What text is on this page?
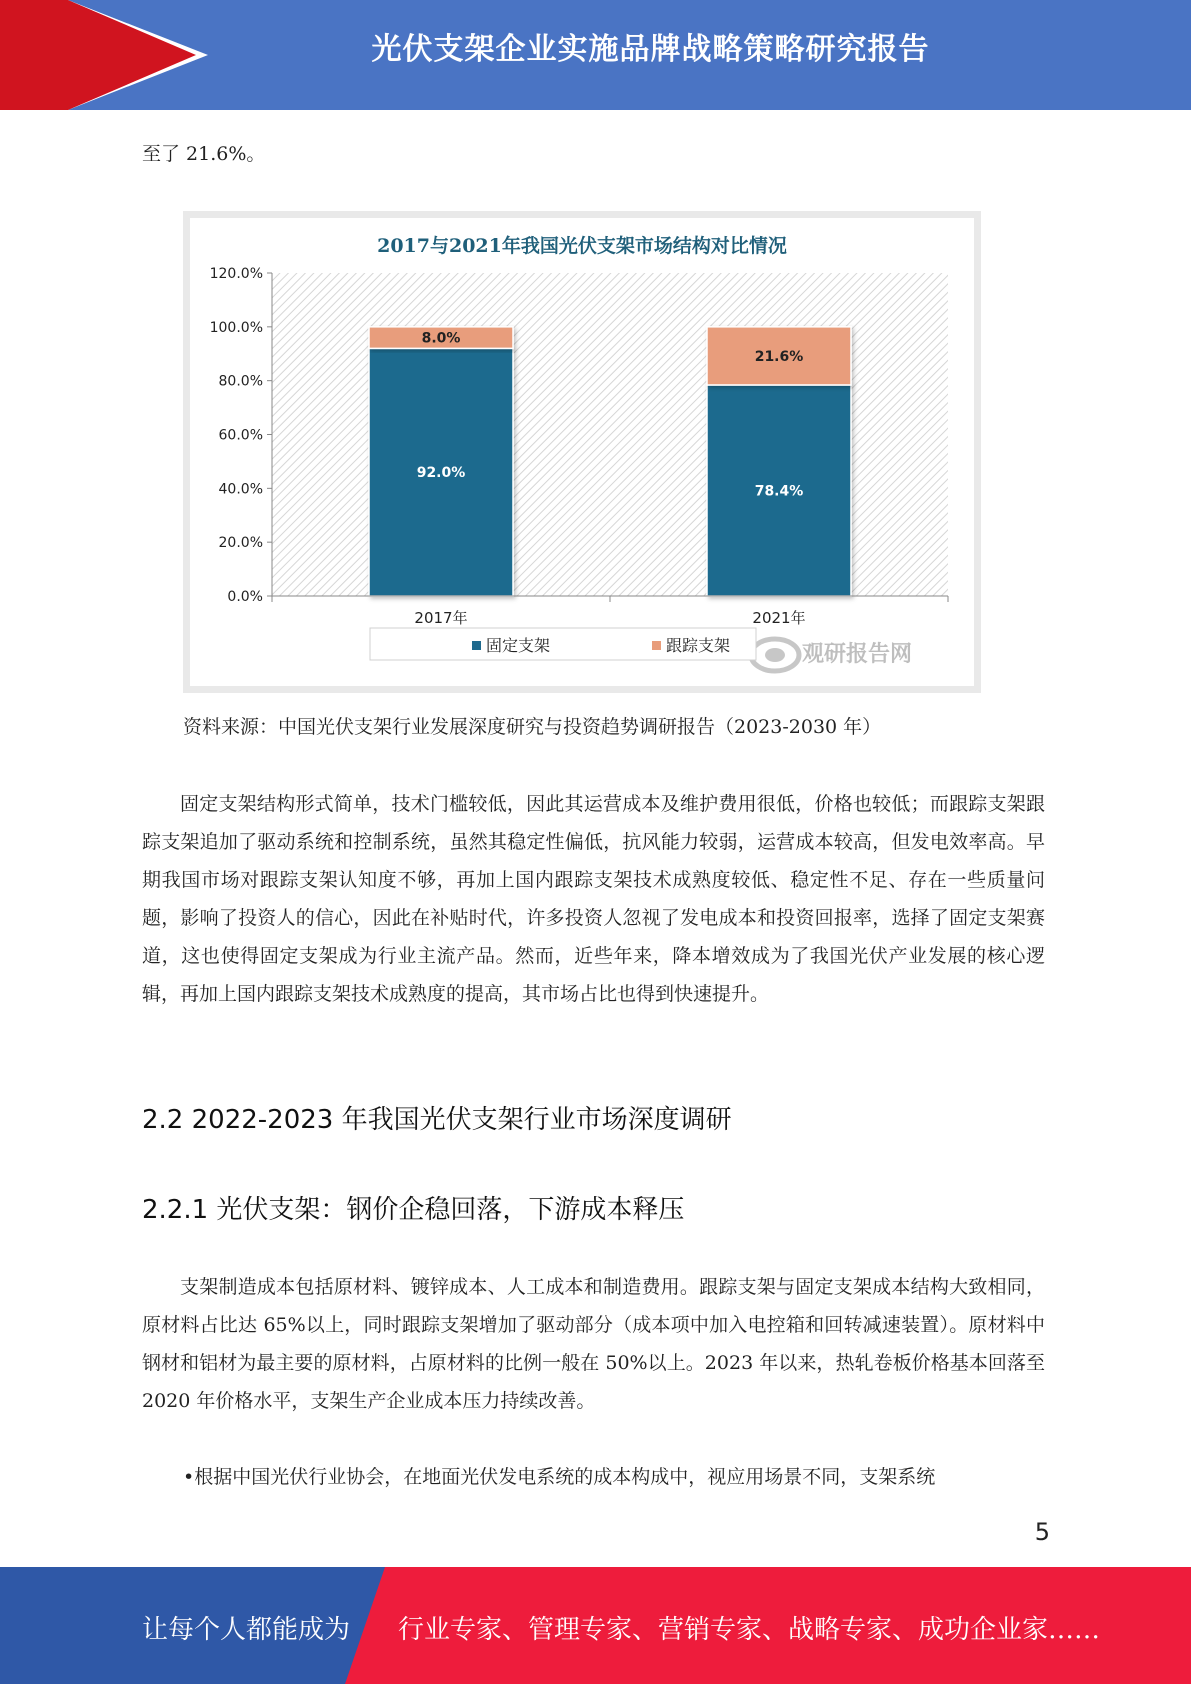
光伏支架企业实施品牌战略策略研究报告
至了 21.6%。
2017与2021年我国光伏支架市场结构对比情况
0.0%
20.0%
40.0%
60.0%
80.0%
100.0%
120.0%
92.0%
8.0%
78.4%
21.6%
2017年	2021年
观研报告网
固定支架	跟踪支架
资料来源：中国光伏支架行业发展深度研究与投资趋势调研报告（2023-2030 年）
固定支架结构形式简单，技术门槛较低，因此其运营成本及维护费用很低，价格也较低；而跟踪支架跟踪支架追加了驱动系统和控制系统，虽然其稳定性偏低，抗风能力较弱，运营成本较高，但发电效率高。早期我国市场对跟踪支架认知度不够，再加上国内跟踪支架技术成熟度较低、稳定性不足、存在一些质量问题，影响了投资人的信心，因此在补贴时代，许多投资人忽视了发电成本和投资回报率，选择了固定支架赛道，这也使得固定支架成为行业主流产品。然而，近些年来，降本增效成为了我国光伏产业发展的核心逻辑，再加上国内跟踪支架技术成熟度的提高，其市场占比也得到快速提升。
2.2 2022-2023 年我国光伏支架行业市场深度调研
2.2.1 光伏支架：钢价企稳回落，下游成本释压
支架制造成本包括原材料、镀锌成本、人工成本和制造费用。跟踪支架与固定支架成本结构大致相同，原材料占比达 65%以上，同时跟踪支架增加了驱动部分（成本项中加入电控箱和回转减速装置）。原材料中钢材和铝材为最主要的原材料，占原材料的比例一般在 50%以上。2023 年以来，热轧卷板价格基本回落至 2020 年价格水平，支架生产企业成本压力持续改善。
•根据中国光伏行业协会，在地面光伏发电系统的成本构成中，视应用场景不同，支架系统
5
让每个人都能成为 行业专家、管理专家、营销专家、战略专家、成功企业家……
